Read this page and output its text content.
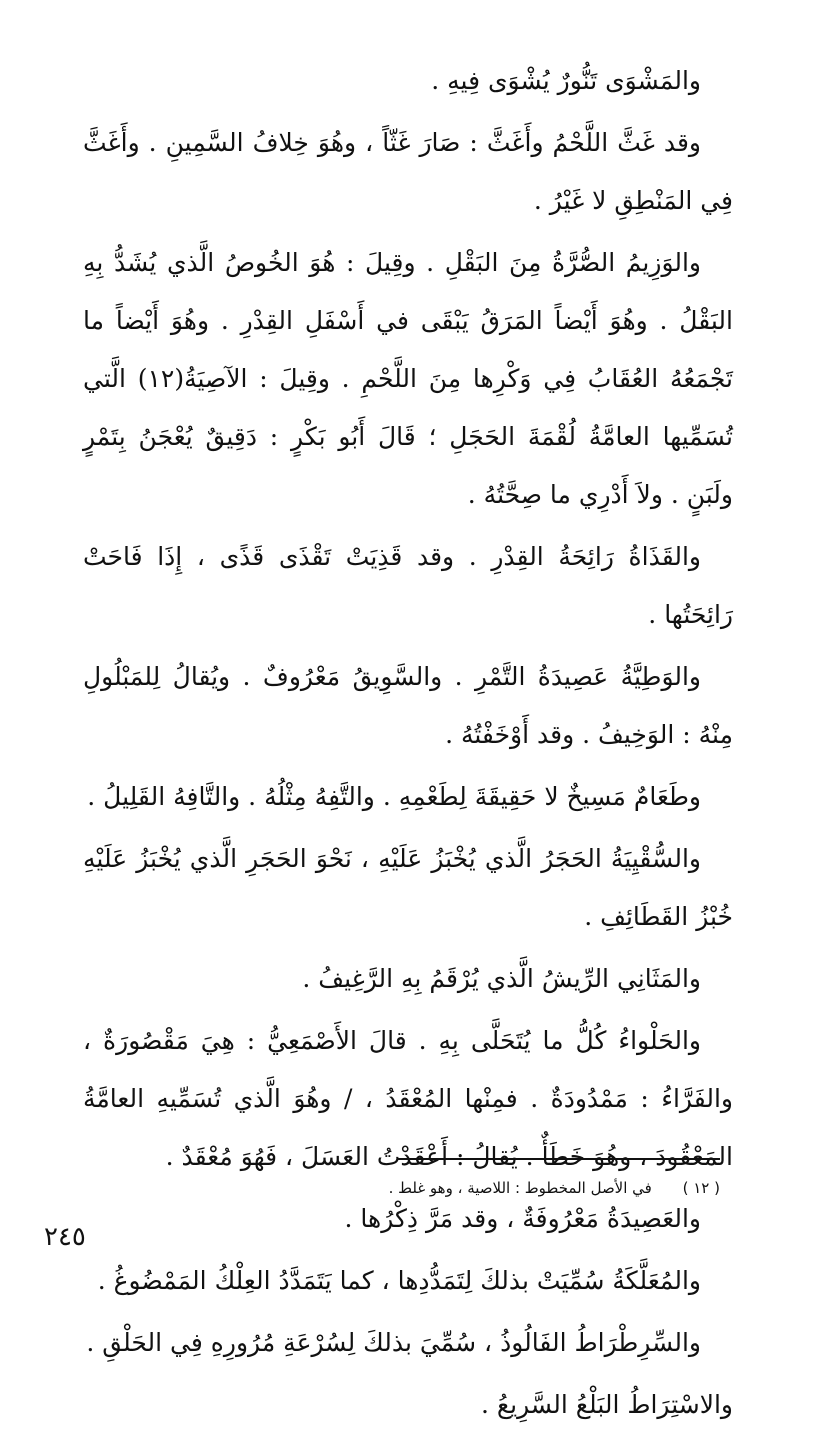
والمَشْوَى تَنُّورٌ يُشْوَى فِيهِ .

وقد غَثَّ اللَّحْمُ وأَغَثَّ : صَارَ غَثّاً ، وهُوَ خِلافُ السَّمِينِ . وأَغَثَّ فِي المَنْطِقِ لا غَيْرُ .

والوَزِيمُ الصُّرَّةُ مِنَ البَقْلِ . وقِيلَ : هُوَ الخُوصُ الَّذي يُشَدُّ بِهِ البَقْلُ . وهُوَ أَيْضاً المَرَقُ يَبْقَى في أَسْفَلِ القِدْرِ . وهُوَ أَيْضاً ما تَجْمَعُهُ العُقَابُ فِي وَكْرِها مِنَ اللَّحْمِ . وقِيلَ : الآصِيَةُ(١٢) الَّتي تُسَمِّيها العامَّةُ لُقْمَةَ الحَجَلِ ؛ قَالَ أَبُو بَكْرٍ : دَقِيقٌ يُعْجَنُ بِتَمْرٍ ولَبَنٍ . ولاَ أَدْرِي ما صِحَّتُهُ .

والقَذَاةُ رَائِحَةُ القِدْرِ . وقد قَذِيَتْ تَقْذَى قَذًى ، إِذَا فَاحَتْ رَائِحَتُها .

والوَطِيَّةُ عَصِيدَةُ التَّمْرِ . والسَّوِيقُ مَعْرُوفٌ . ويُقالُ لِلمَبْلُولِ مِنْهُ : الوَخِيفُ . وقد أَوْخَفْتُهُ .

وطَعَامٌ مَسِيخٌ لا حَقِيقَةَ لِطَعْمِهِ . والتَّفِهُ مِثْلُهُ . والتَّافِهُ القَلِيلُ .

والسُّقْيِيَةُ الحَجَرُ الَّذي يُخْبَزُ عَلَيْهِ ، نَحْوَ الحَجَرِ الَّذي يُخْبَزُ عَلَيْهِ خُبْزُ القَطَائِفِ .

والمَثَانِي الرِّيشُ الَّذي يُرْقَمُ بِهِ الرَّغِيفُ .

والحَلْواءُ كُلُّ ما يُتَحَلَّى بِهِ . قالَ الأَصْمَعِيُّ : هِيَ مَقْصُورَةٌ ، والفَرَّاءُ : مَمْدُودَةٌ . فمِنْها المُعْقَدُ ، / وهُوَ الَّذي تُسَمِّيهِ العامَّةُ المَعْقُودَ ، وهُوَ خَطَأٌ . يُقالُ : أَعْقَدْتُ العَسَلَ ، فَهُوَ مُعْقَدٌ .

والعَصِيدَةُ مَعْرُوفَةٌ ، وقد مَرَّ ذِكْرُها .

والمُعَلَّكَةُ سُمِّيَتْ بذلكَ لِتَمَدُّدِها ، كما يَتَمَدَّدُ العِلْكُ المَمْضُوغُ .

والسِّرِطْرَاطُ الفَالُوذُ ، سُمِّيَ بذلكَ لِسُرْعَةِ مُرُورِهِ فِي الحَلْقِ .

والاسْتِرَاطُ البَلْعُ السَّرِيعُ .

( ١٢ ) في الأصل المخطوط : اللاصية ، وهو غلط .
٢٤٥
